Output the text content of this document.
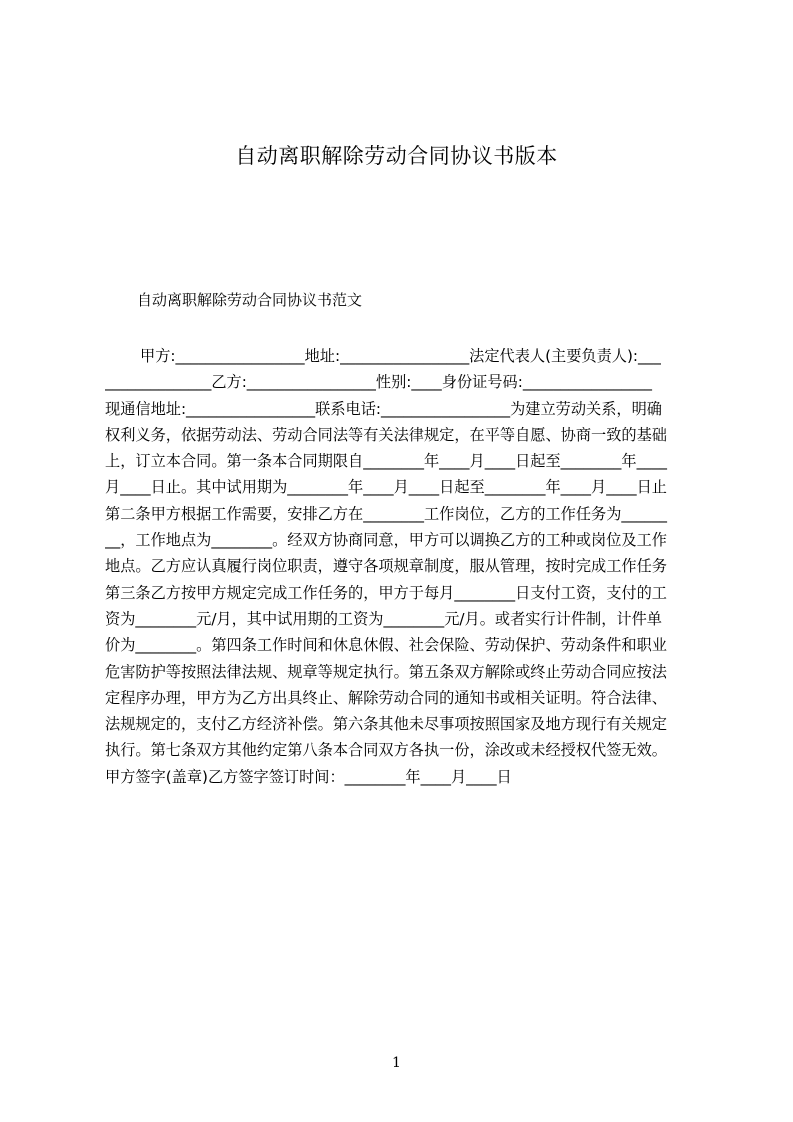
自动离职解除劳动合同协议书版本
自动离职解除劳动合同协议书范文
甲方:_________________地址:_________________法定代表人(主要负责人):___
______________乙方:_________________性别:____身份证号码:_________________
现通信地址:_________________联系电话:_________________为建立劳动关系，明确
权利义务，依据劳动法、劳动合同法等有关法律规定，在平等自愿、协商一致的基础
上，订立本合同。第一条本合同期限自________年____月____日起至________年____
月____日止。其中试用期为________年____月____日起至________年____月____日止
第二条甲方根据工作需要，安排乙方在________工作岗位，乙方的工作任务为______
__，工作地点为________。经双方协商同意，甲方可以调换乙方的工种或岗位及工作
地点。乙方应认真履行岗位职责，遵守各项规章制度，服从管理，按时完成工作任务
第三条乙方按甲方规定完成工作任务的，甲方于每月________日支付工资，支付的工
资为________元/月，其中试用期的工资为________元/月。或者实行计件制，计件单
价为________。第四条工作时间和休息休假、社会保险、劳动保护、劳动条件和职业
危害防护等按照法律法规、规章等规定执行。第五条双方解除或终止劳动合同应按法
定程序办理，甲方为乙方出具终止、解除劳动合同的通知书或相关证明。符合法律、
法规规定的，支付乙方经济补偿。第六条其他未尽事项按照国家及地方现行有关规定
执行。第七条双方其他约定第八条本合同双方各执一份，涂改或未经授权代签无效。
甲方签字(盖章)乙方签字签订时间：________年____月____日
1
